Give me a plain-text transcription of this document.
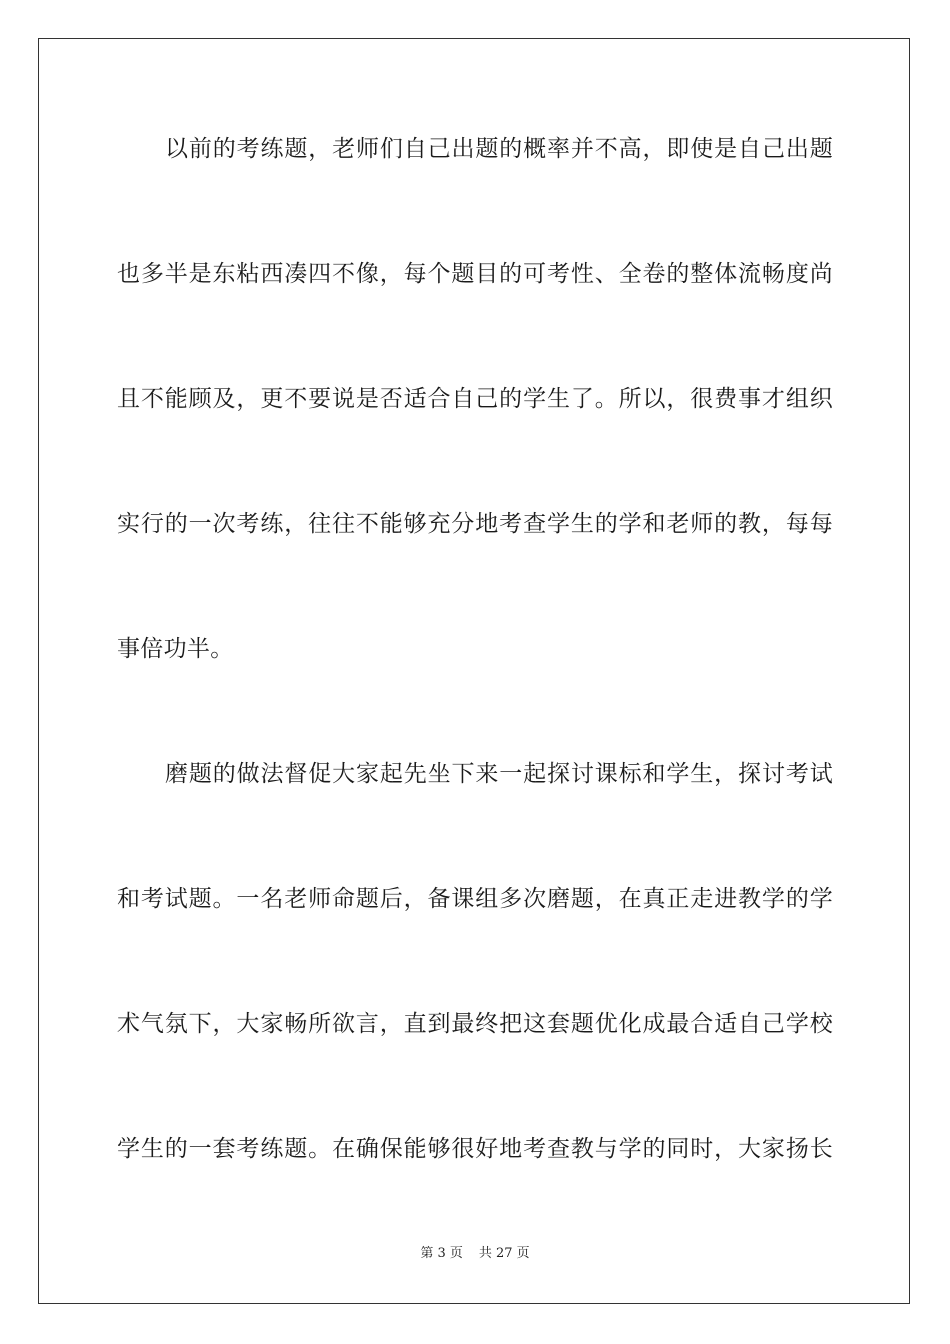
以前的考练题，老师们自己出题的概率并不高，即使是自己出题
也多半是东粘西凑四不像，每个题目的可考性、全卷的整体流畅度尚
且不能顾及，更不要说是否适合自己的学生了。所以，很费事才组织
实行的一次考练，往往不能够充分地考查学生的学和老师的教，每每
事倍功半。
磨题的做法督促大家起先坐下来一起探讨课标和学生，探讨考试
和考试题。一名老师命题后，备课组多次磨题，在真正走进教学的学
术气氛下，大家畅所欲言，直到最终把这套题优化成最合适自己学校
学生的一套考练题。在确保能够很好地考查教与学的同时，大家扬长
第 3 页 共 27 页
